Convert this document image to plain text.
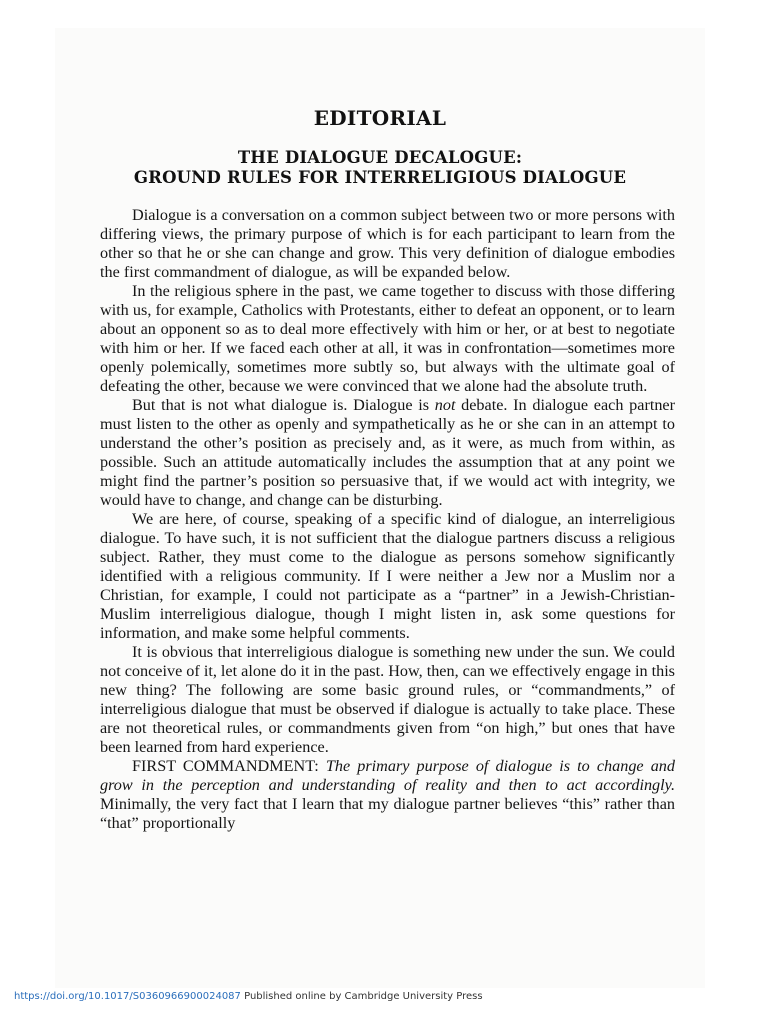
EDITORIAL
THE DIALOGUE DECALOGUE:
GROUND RULES FOR INTERRELIGIOUS DIALOGUE

Dialogue is a conversation on a common subject between two or more persons with differing views, the primary purpose of which is for each participant to learn from the other so that he or she can change and grow. This very definition of dialogue embodies the first commandment of dialogue, as will be expanded below.

In the religious sphere in the past, we came together to discuss with those differing with us, for example, Catholics with Protestants, either to defeat an opponent, or to learn about an opponent so as to deal more effectively with him or her, or at best to negotiate with him or her. If we faced each other at all, it was in confrontation—sometimes more openly polemically, sometimes more subtly so, but always with the ultimate goal of defeating the other, because we were convinced that we alone had the absolute truth.

But that is not what dialogue is. Dialogue is not debate. In dialogue each partner must listen to the other as openly and sympathetically as he or she can in an attempt to understand the other’s position as precisely and, as it were, as much from within, as possible. Such an attitude automatically includes the assumption that at any point we might find the partner’s position so persuasive that, if we would act with integrity, we would have to change, and change can be disturbing.

We are here, of course, speaking of a specific kind of dialogue, an interreligious dialogue. To have such, it is not sufficient that the dialogue partners discuss a religious subject. Rather, they must come to the dialogue as persons somehow significantly identified with a religious community. If I were neither a Jew nor a Muslim nor a Christian, for example, I could not participate as a “partner” in a Jewish-Christian-Muslim interreligious dialogue, though I might listen in, ask some questions for information, and make some helpful comments.

It is obvious that interreligious dialogue is something new under the sun. We could not conceive of it, let alone do it in the past. How, then, can we effectively engage in this new thing? The following are some basic ground rules, or “commandments,” of interreligious dialogue that must be observed if dialogue is actually to take place. These are not theoretical rules, or commandments given from “on high,” but ones that have been learned from hard experience.

FIRST COMMANDMENT: The primary purpose of dialogue is to change and grow in the perception and understanding of reality and then to act accordingly. Minimally, the very fact that I learn that my dialogue partner believes “this” rather than “that” proportionally

https://doi.org/10.1017/S0360966900024087 Published online by Cambridge University Press
